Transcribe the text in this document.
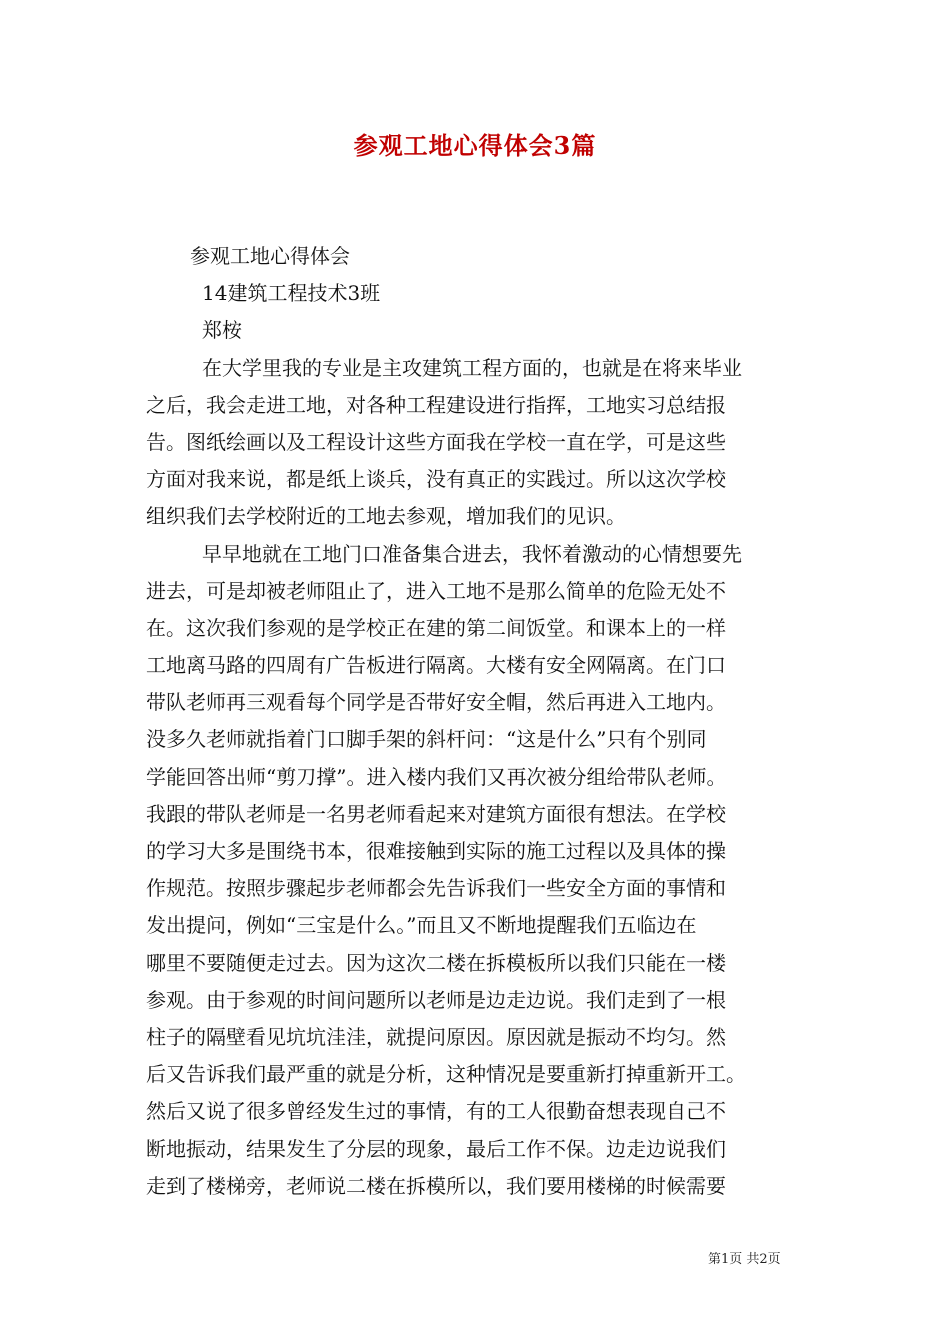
参观工地心得体会3篇
参观工地心得体会
14建筑工程技术3班
郑桉
在大学里我的专业是主攻建筑工程方面的，也就是在将来毕业
之后，我会走进工地，对各种工程建设进行指挥，工地实习总结报
告。图纸绘画以及工程设计这些方面我在学校一直在学，可是这些
方面对我来说，都是纸上谈兵，没有真正的实践过。所以这次学校
组织我们去学校附近的工地去参观，增加我们的见识。
早早地就在工地门口准备集合进去，我怀着激动的心情想要先
进去，可是却被老师阻止了，进入工地不是那么简单的危险无处不
在。这次我们参观的是学校正在建的第二间饭堂。和课本上的一样
工地离马路的四周有广告板进行隔离。大楼有安全网隔离。在门口
带队老师再三观看每个同学是否带好安全帽，然后再进入工地内。
没多久老师就指着门口脚手架的斜杆问：“这是什么”只有个别同
学能回答出师“剪刀撑”。进入楼内我们又再次被分组给带队老师。
我跟的带队老师是一名男老师看起来对建筑方面很有想法。在学校
的学习大多是围绕书本，很难接触到实际的施工过程以及具体的操
作规范。按照步骤起步老师都会先告诉我们一些安全方面的事情和
发出提问，例如“三宝是什么。”而且又不断地提醒我们五临边在
哪里不要随便走过去。因为这次二楼在拆模板所以我们只能在一楼
参观。由于参观的时间问题所以老师是边走边说。我们走到了一根
柱子的隔壁看见坑坑洼洼，就提问原因。原因就是振动不均匀。然
后又告诉我们最严重的就是分析，这种情况是要重新打掉重新开工。
然后又说了很多曾经发生过的事情，有的工人很勤奋想表现自己不
断地振动，结果发生了分层的现象，最后工作不保。边走边说我们
走到了楼梯旁，老师说二楼在拆模所以，我们要用楼梯的时候需要
第1页 共2页
